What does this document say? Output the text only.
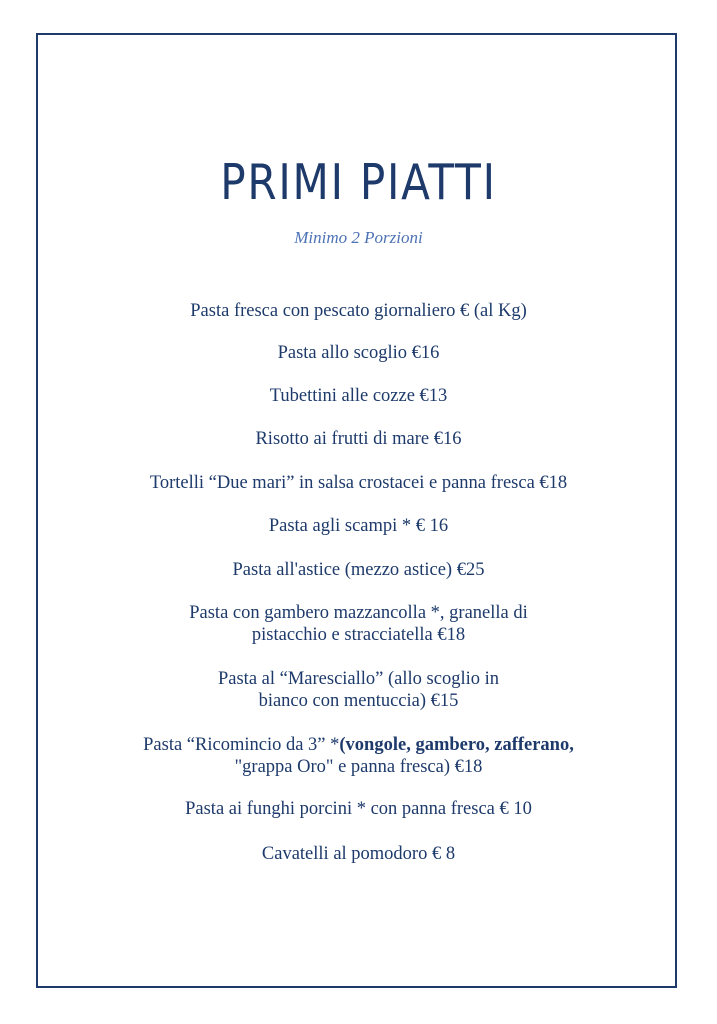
PRIMI PIATTI
Minimo 2 Porzioni
Pasta fresca con pescato giornaliero € (al Kg)
Pasta allo scoglio €16
Tubettini alle cozze €13
Risotto ai frutti di mare €16
Tortelli “Due mari” in salsa crostacei e panna fresca €18
Pasta agli scampi * € 16
Pasta all'astice (mezzo astice) €25
Pasta con gambero mazzancolla *, granella di
pistacchio e stracciatella €18
Pasta al “Maresciallo” (allo scoglio in
bianco con mentuccia) €15
Pasta “Ricomincio da 3” *(vongole, gambero, zafferano,
"grappa Oro" e panna fresca) €18
Pasta ai funghi porcini * con panna fresca € 10
Cavatelli al pomodoro € 8
